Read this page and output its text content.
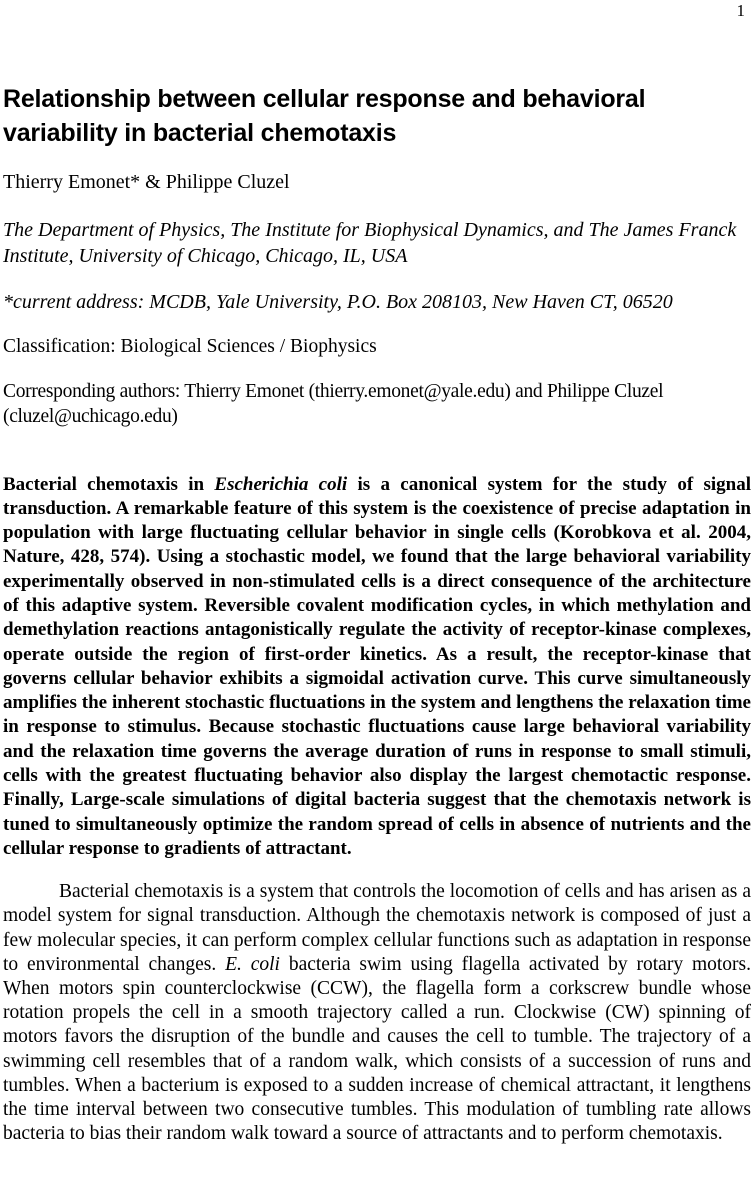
1
Relationship between cellular response and behavioral variability in bacterial chemotaxis

Thierry Emonet* & Philippe Cluzel

The Department of Physics, The Institute for Biophysical Dynamics, and The James Franck Institute, University of Chicago, Chicago, IL, USA

*current address: MCDB, Yale University, P.O. Box 208103, New Haven CT, 06520

Classification: Biological Sciences / Biophysics

Corresponding authors: Thierry Emonet (thierry.emonet@yale.edu) and Philippe Cluzel (cluzel@uchicago.edu)

Bacterial chemotaxis in Escherichia coli is a canonical system for the study of signal transduction. A remarkable feature of this system is the coexistence of precise adaptation in population with large fluctuating cellular behavior in single cells (Korobkova et al. 2004, Nature, 428, 574). Using a stochastic model, we found that the large behavioral variability experimentally observed in non-stimulated cells is a direct consequence of the architecture of this adaptive system. Reversible covalent modification cycles, in which methylation and demethylation reactions antagonistically regulate the activity of receptor-kinase complexes, operate outside the region of first-order kinetics. As a result, the receptor-kinase that governs cellular behavior exhibits a sigmoidal activation curve. This curve simultaneously amplifies the inherent stochastic fluctuations in the system and lengthens the relaxation time in response to stimulus. Because stochastic fluctuations cause large behavioral variability and the relaxation time governs the average duration of runs in response to small stimuli, cells with the greatest fluctuating behavior also display the largest chemotactic response. Finally, Large-scale simulations of digital bacteria suggest that the chemotaxis network is tuned to simultaneously optimize the random spread of cells in absence of nutrients and the cellular response to gradients of attractant.

Bacterial chemotaxis is a system that controls the locomotion of cells and has arisen as a model system for signal transduction. Although the chemotaxis network is composed of just a few molecular species, it can perform complex cellular functions such as adaptation in response to environmental changes. E. coli bacteria swim using flagella activated by rotary motors. When motors spin counterclockwise (CCW), the flagella form a corkscrew bundle whose rotation propels the cell in a smooth trajectory called a run. Clockwise (CW) spinning of motors favors the disruption of the bundle and causes the cell to tumble. The trajectory of a swimming cell resembles that of a random walk, which consists of a succession of runs and tumbles. When a bacterium is exposed to a sudden increase of chemical attractant, it lengthens the time interval between two consecutive tumbles. This modulation of tumbling rate allows bacteria to bias their random walk toward a source of attractants and to perform chemotaxis.
